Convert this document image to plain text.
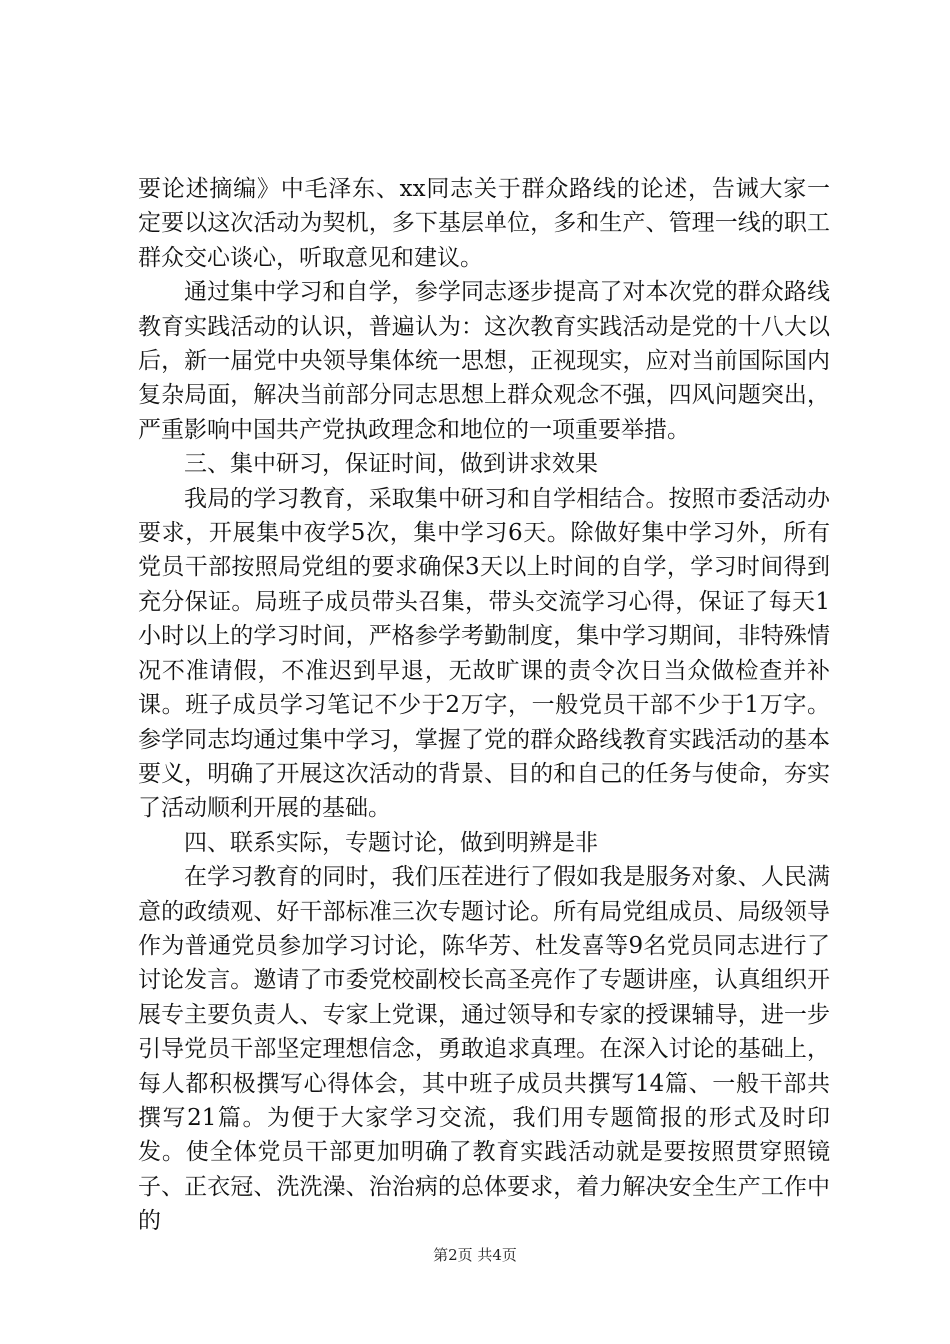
要论述摘编》中毛泽东、xx同志关于群众路线的论述，告诫大家一定要以这次活动为契机，多下基层单位，多和生产、管理一线的职工群众交心谈心，听取意见和建议。

通过集中学习和自学，参学同志逐步提高了对本次党的群众路线教育实践活动的认识，普遍认为：这次教育实践活动是党的十八大以后，新一届党中央领导集体统一思想，正视现实，应对当前国际国内复杂局面，解决当前部分同志思想上群众观念不强，四风问题突出，严重影响中国共产党执政理念和地位的一项重要举措。

三、集中研习，保证时间，做到讲求效果

我局的学习教育，采取集中研习和自学相结合。按照市委活动办要求，开展集中夜学5次，集中学习6天。除做好集中学习外，所有党员干部按照局党组的要求确保3天以上时间的自学，学习时间得到充分保证。局班子成员带头召集，带头交流学习心得，保证了每天1小时以上的学习时间，严格参学考勤制度，集中学习期间，非特殊情况不准请假，不准迟到早退，无故旷课的责令次日当众做检查并补课。班子成员学习笔记不少于2万字，一般党员干部不少于1万字。参学同志均通过集中学习，掌握了党的群众路线教育实践活动的基本要义，明确了开展这次活动的背景、目的和自己的任务与使命，夯实了活动顺利开展的基础。

四、联系实际，专题讨论，做到明辨是非

在学习教育的同时，我们压茬进行了假如我是服务对象、人民满意的政绩观、好干部标准三次专题讨论。所有局党组成员、局级领导作为普通党员参加学习讨论，陈华芳、杜发喜等9名党员同志进行了讨论发言。邀请了市委党校副校长高圣亮作了专题讲座，认真组织开展专主要负责人、专家上党课，通过领导和专家的授课辅导，进一步引导党员干部坚定理想信念，勇敢追求真理。在深入讨论的基础上，每人都积极撰写心得体会，其中班子成员共撰写14篇、一般干部共撰写21篇。为便于大家学习交流，我们用专题简报的形式及时印发。使全体党员干部更加明确了教育实践活动就是要按照贯穿照镜子、正衣冠、洗洗澡、治治病的总体要求，着力解决安全生产工作中的

第2页 共4页
